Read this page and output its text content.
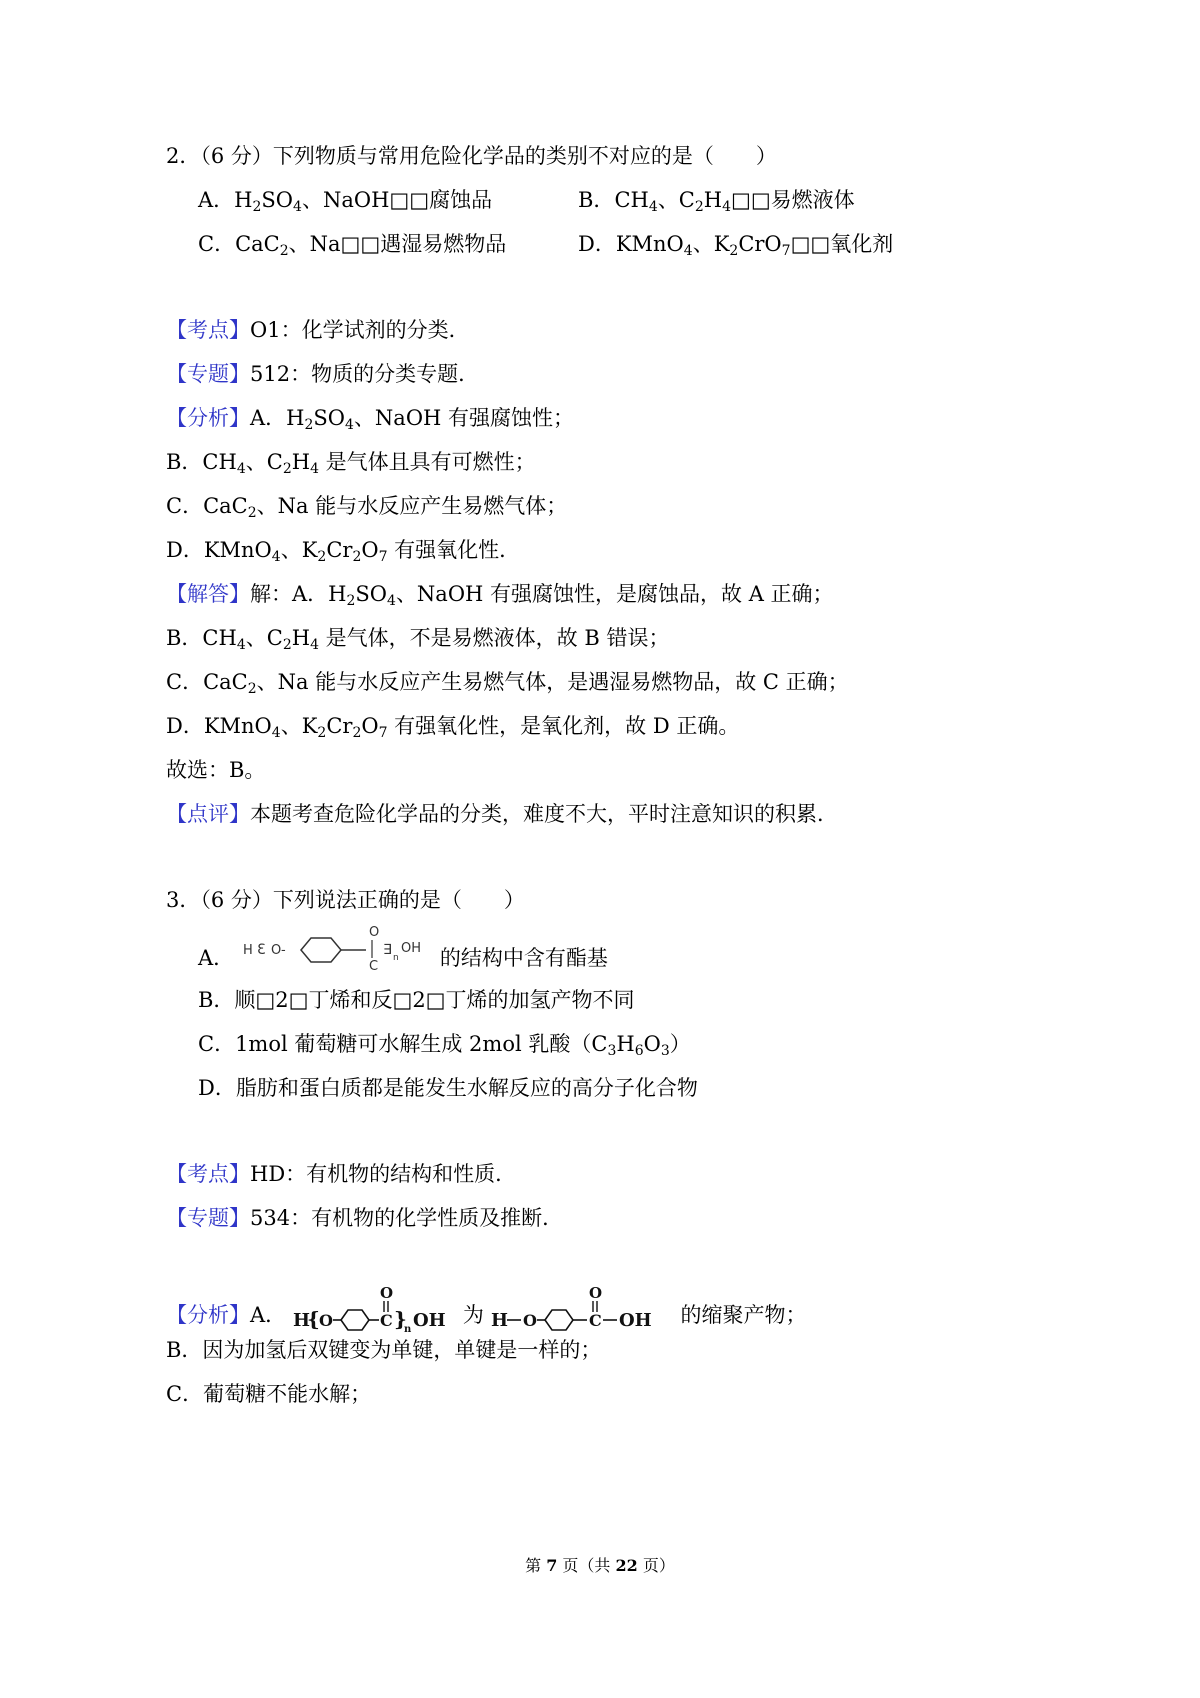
2．（6 分）下列物质与常用危险化学品的类别不对应的是（　　）
A．$H_2SO_4$、NaOH□□腐蚀品	B．$CH_4$、$C_2H_4□□$易燃液体
C．CaC$_2$、Na□□遇湿易燃物品	D．KMnO$_4$、$K_2CrO_7□□$氧化剂
【考点】O1：化学试剂的分类．
【专题】512：物质的分类专题．
【分析】A．$H_2SO_4$、NaOH 有强腐蚀性；
B．$CH_4$、$C_2H_4$ 是气体且具有可燃性；
C．CaC$_2$、Na 能与水反应产生易燃气体；
D．KMnO$_4$、$K_2Cr_2O_7$ 有强氧化性．
【解答】解：A．$H_2SO_4$、NaOH 有强腐蚀性，是腐蚀品，故 A 正确；
B．$CH_4$、$C_2H_4$ 是气体，不是易燃液体，故 B 错误；
C．CaC$_2$、Na 能与水反应产生易燃气体，是遇湿易燃物品，故 C 正确；
D．KMnO$_4$、$K_2Cr_2O_7$ 有强氧化性，是氧化剂，故 D 正确。
故选：B。
【点评】本题考查危险化学品的分类，难度不大，平时注意知识的积累．
3．（6 分）下列说法正确的是（　　）
A． H Ɛ O -
O
C
∃ n
OH 的结构中含有酯基
B．顺□2□丁烯和反□2□丁烯的加氢产物不同
C．1mol 葡萄糖可水解生成 2mol 乳酸$(C_3H_6O_3)$
D．脂肪和蛋白质都是能发生水解反应的高分子化合物
【考点】HD：有机物的结构和性质．
【专题】534：有机物的化学性质及推断．
【分析】A． H
{ O
O
C }
n OH 为 H O
O
C OH 的缩聚产物；
B．因为加氢后双键变为单键，单键是一样的；
C．葡萄糖不能水解；
第 7 页（共 22 页）
